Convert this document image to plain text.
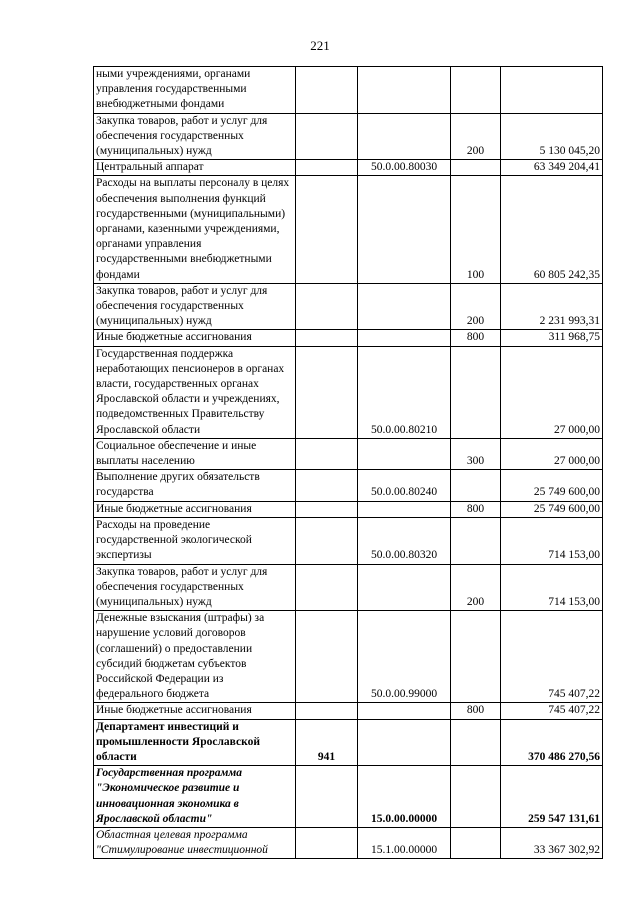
221
ными учреждениями, органами управления государственными внебюджетными фондами				
Закупка товаров, работ и услуг для обеспечения государственных (муниципальных) нужд			200	5 130 045,20
Центральный аппарат		50.0.00.80030		63 349 204,41
Расходы на выплаты персоналу в целях обеспечения выполнения функций государственными (муниципальными) органами, казенными учреждениями, органами управления государственными внебюджетными фондами			100	60 805 242,35
Закупка товаров, работ и услуг для обеспечения государственных (муниципальных) нужд			200	2 231 993,31
Иные бюджетные ассигнования			800	311 968,75
Государственная поддержка неработающих пенсионеров в органах власти, государственных органах Ярославской области и учреждениях, подведомственных Правительству Ярославской области		50.0.00.80210		27 000,00
Социальное обеспечение и иные выплаты населению			300	27 000,00
Выполнение других обязательств государства		50.0.00.80240		25 749 600,00
Иные бюджетные ассигнования			800	25 749 600,00
Расходы на проведение государственной экологической экспертизы		50.0.00.80320		714 153,00
Закупка товаров, работ и услуг для обеспечения государственных (муниципальных) нужд			200	714 153,00
Денежные взыскания (штрафы) за нарушение условий договоров (соглашений) о предоставлении субсидий бюджетам субъектов Российской Федерации из федерального бюджета		50.0.00.99000		745 407,22
Иные бюджетные ассигнования			800	745 407,22
Департамент инвестиций и промышленности Ярославской области	941			370 486 270,56
Государственная программа "Экономическое развитие и инновационная экономика в Ярославской области"		15.0.00.00000		259 547 131,61
Областная целевая программа "Стимулирование инвестиционной		15.1.00.00000		33 367 302,92
